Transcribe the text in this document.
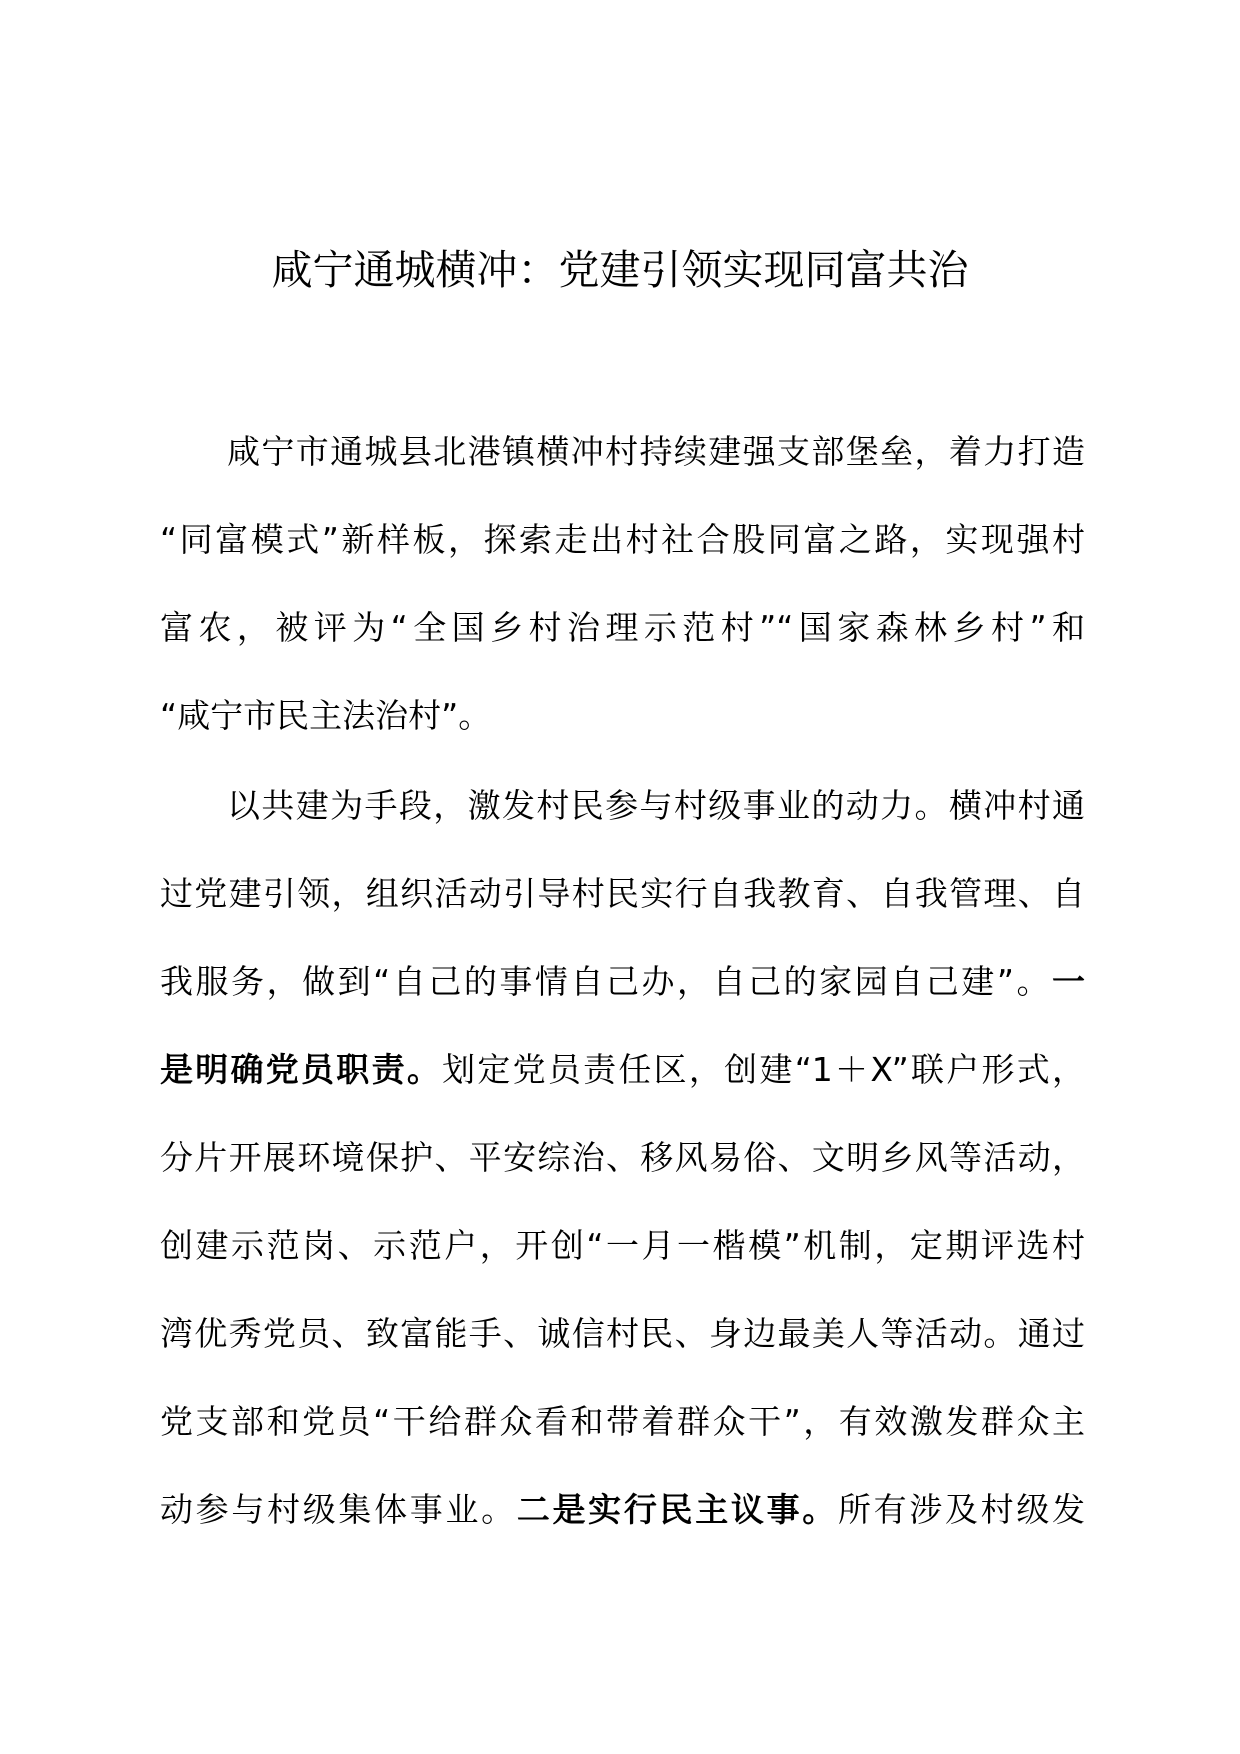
咸宁通城横冲：党建引领实现同富共治

咸宁市通城县北港镇横冲村持续建强支部堡垒，着力打造

“同富模式”新样板，探索走出村社合股同富之路，实现强村

富农，被评为“全国乡村治理示范村”“国家森林乡村”和

“咸宁市民主法治村”。

以共建为手段，激发村民参与村级事业的动力。横冲村通

过党建引领，组织活动引导村民实行自我教育、自我管理、自

我服务，做到“自己的事情自己办，自己的家园自己建”。一

是明确党员职责。划定党员责任区，创建“1＋X”联户形式，

分片开展环境保护、平安综治、移风易俗、文明乡风等活动，

创建示范岗、示范户，开创“一月一楷模”机制，定期评选村

湾优秀党员、致富能手、诚信村民、身边最美人等活动。通过

党支部和党员“干给群众看和带着群众干”，有效激发群众主

动参与村级集体事业。二是实行民主议事。所有涉及村级发
